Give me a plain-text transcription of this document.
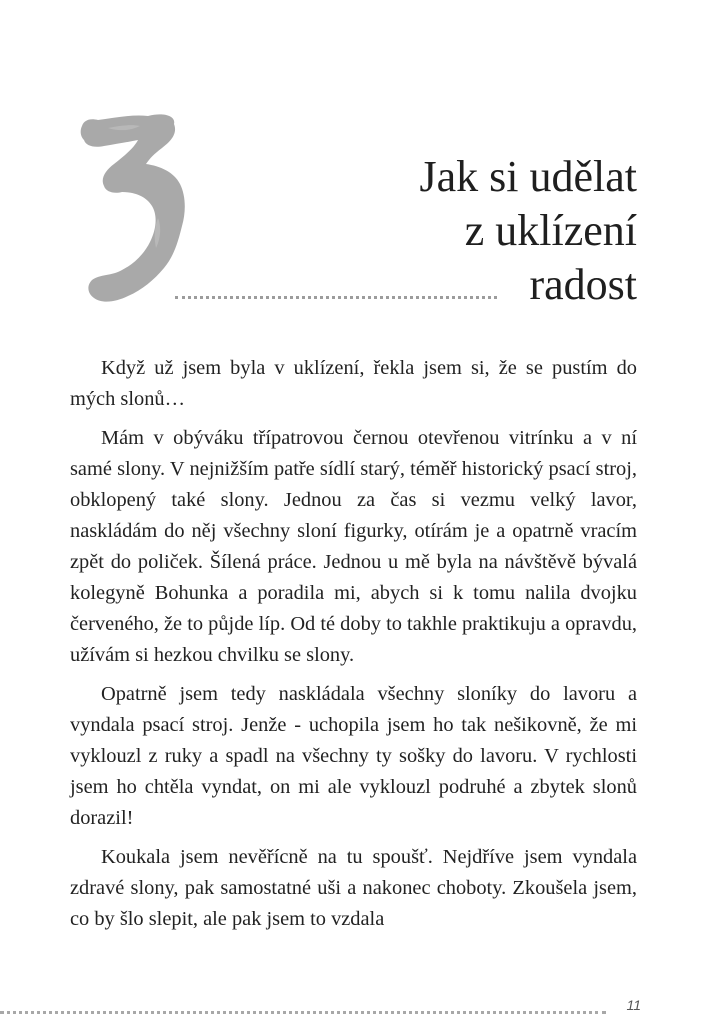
Jak si udělat
z uklízení
radost

Když už jsem byla v uklízení, řekla jsem si, že se pustím do mých slonů…

Mám v obýváku třípatrovou černou otevřenou vitrínku a v ní samé slony. V nejnižším patře sídlí starý, téměř historický psací stroj, obklopený také slony. Jednou za čas si vezmu velký lavor, naskládám do něj všechny sloní figurky, otírám je a opatrně vracím zpět do poliček. Šílená práce. Jednou u mě byla na návštěvě bývalá kolegyně Bohunka a poradila mi, abych si k tomu nalila dvojku červeného, že to půjde líp. Od té doby to takhle praktikuju a opravdu, užívám si hezkou chvilku se slony.

Opatrně jsem tedy naskládala všechny sloníky do lavoru a vyndala psací stroj. Jenže - uchopila jsem ho tak nešikovně, že mi vyklouzl z ruky a spadl na všechny ty sošky do lavoru. V rychlosti jsem ho chtěla vyndat, on mi ale vyklouzl podruhé a zbytek slonů dorazil!

Koukala jsem nevěřícně na tu spoušť. Nejdříve jsem vyndala zdravé slony, pak samostatné uši a nakonec choboty. Zkoušela jsem, co by šlo slepit, ale pak jsem to vzdala

11
